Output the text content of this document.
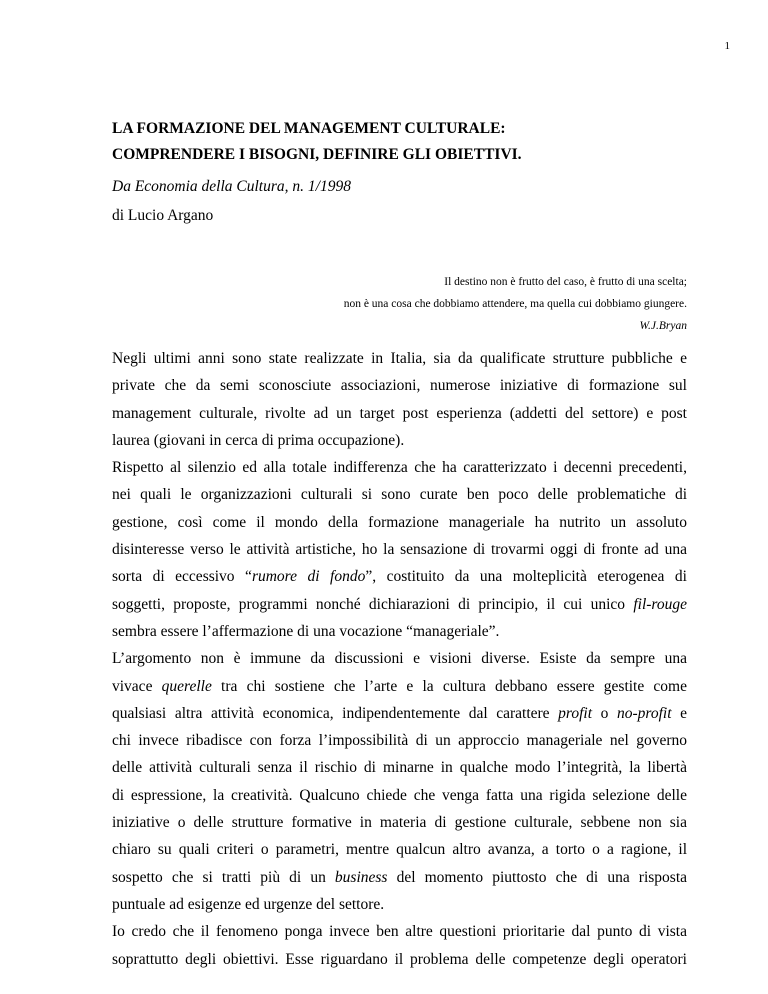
1
LA FORMAZIONE DEL MANAGEMENT CULTURALE:
COMPRENDERE I BISOGNI, DEFINIRE GLI OBIETTIVI.
Da Economia della Cultura, n. 1/1998
di Lucio Argano
Il destino non è frutto del caso, è frutto di una scelta;
non è una cosa che dobbiamo attendere, ma quella cui dobbiamo giungere.
W.J.Bryan
Negli ultimi anni sono state realizzate in Italia, sia da qualificate strutture pubbliche e
private che da semi sconosciute associazioni, numerose iniziative di formazione sul
management culturale, rivolte ad un target post esperienza (addetti del settore) e post
laurea (giovani in cerca di prima occupazione).
Rispetto al silenzio ed alla totale indifferenza che ha caratterizzato i decenni precedenti,
nei quali le organizzazioni culturali si sono curate ben poco delle problematiche di
gestione, così come il mondo della formazione manageriale ha nutrito un assoluto
disinteresse verso le attività artistiche, ho la sensazione di trovarmi oggi di fronte ad una
sorta di eccessivo “rumore di fondo”, costituito da una molteplicità eterogenea di
soggetti, proposte, programmi nonché dichiarazioni di principio, il cui unico fil-rouge
sembra essere l’affermazione di una vocazione “manageriale”.
L’argomento non è immune da discussioni e visioni diverse. Esiste da sempre una
vivace querelle tra chi sostiene che l’arte e la cultura debbano essere gestite come
qualsiasi altra attività economica, indipendentemente dal carattere profit o no-profit e
chi invece ribadisce con forza l’impossibilità di un approccio manageriale nel governo
delle attività culturali senza il rischio di minarne in qualche modo l’integrità, la libertà
di espressione, la creatività. Qualcuno chiede che venga fatta una rigida selezione delle
iniziative o delle strutture formative in materia di gestione culturale, sebbene non sia
chiaro su quali criteri o parametri, mentre qualcun altro avanza, a torto o a ragione, il
sospetto che si tratti più di un business del momento piuttosto che di una risposta
puntuale ad esigenze ed urgenze del settore.
Io credo che il fenomeno ponga invece ben altre questioni prioritarie dal punto di vista
soprattutto degli obiettivi. Esse riguardano il problema delle competenze degli operatori
